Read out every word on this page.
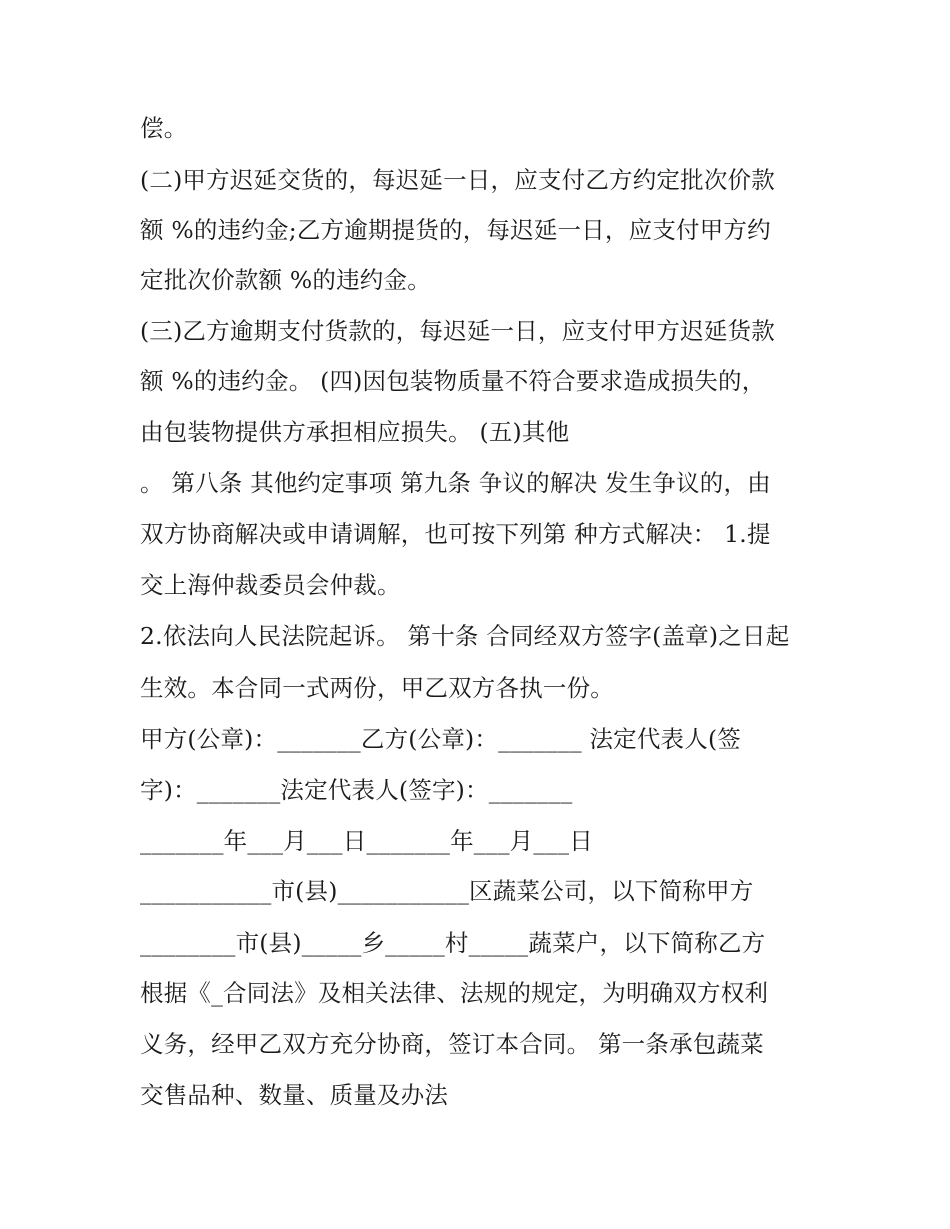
偿。
(二)甲方迟延交货的，每迟延一日，应支付乙方约定批次价款
额 %的违约金;乙方逾期提货的，每迟延一日，应支付甲方约
定批次价款额 %的违约金。
(三)乙方逾期支付货款的，每迟延一日，应支付甲方迟延货款
额 %的违约金。 (四)因包装物质量不符合要求造成损失的，
由包装物提供方承担相应损失。 (五)其他
。 第八条 其他约定事项 第九条 争议的解决 发生争议的，由
双方协商解决或申请调解，也可按下列第 种方式解决： 1.提
交上海仲裁委员会仲裁。
2.依法向人民法院起诉。 第十条 合同经双方签字(盖章)之日起
生效。本合同一式两份，甲乙双方各执一份。
甲方(公章)：_______乙方(公章)：_______ 法定代表人(签
字)：_______法定代表人(签字)：_______
_______年___月___日_______年___月___日
___________市(县)___________区蔬菜公司，以下简称甲方
________市(县)_____乡_____村_____蔬菜户，以下简称乙方
根据《_合同法》及相关法律、法规的规定，为明确双方权利
义务，经甲乙双方充分协商，签订本合同。 第一条承包蔬菜
交售品种、数量、质量及办法
